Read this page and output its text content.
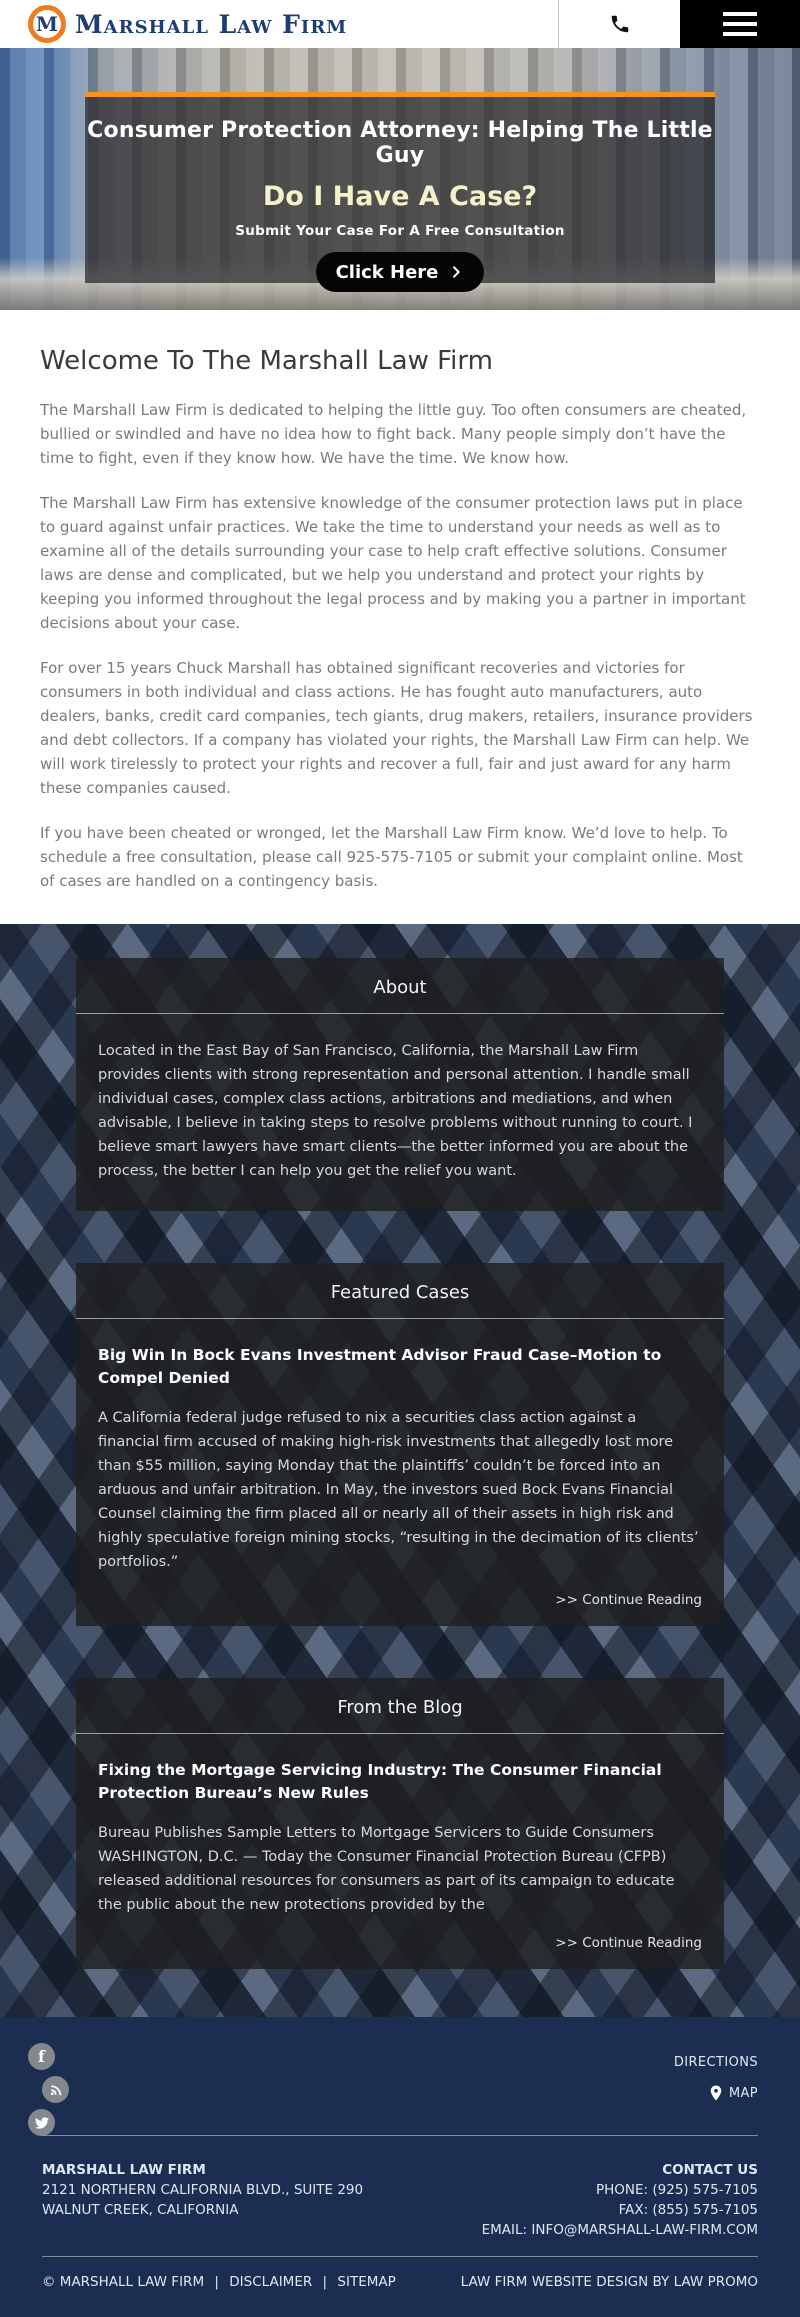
M Marshall Law Firm
Consumer Protection Attorney: Helping The Little Guy
Do I Have A Case?
Submit Your Case For A Free Consultation
Click Here
Welcome To The Marshall Law Firm

The Marshall Law Firm is dedicated to helping the little guy. Too often consumers are cheated, bullied or swindled and have no idea how to fight back. Many people simply don’t have the time to fight, even if they know how. We have the time. We know how.

The Marshall Law Firm has extensive knowledge of the consumer protection laws put in place to guard against unfair practices. We take the time to understand your needs as well as to examine all of the details surrounding your case to help craft effective solutions. Consumer laws are dense and complicated, but we help you understand and protect your rights by keeping you informed throughout the legal process and by making you a partner in important decisions about your case.

For over 15 years Chuck Marshall has obtained significant recoveries and victories for consumers in both individual and class actions. He has fought auto manufacturers, auto dealers, banks, credit card companies, tech giants, drug makers, retailers, insurance providers and debt collectors. If a company has violated your rights, the Marshall Law Firm can help. We will work tirelessly to protect your rights and recover a full, fair and just award for any harm these companies caused.

If you have been cheated or wronged, let the Marshall Law Firm know. We’d love to help. To schedule a free consultation, please call 925-575-7105 or submit your complaint online. Most of cases are handled on a contingency basis.

About
Located in the East Bay of San Francisco, California, the Marshall Law Firm provides clients with strong representation and personal attention. I handle small individual cases, complex class actions, arbitrations and mediations, and when advisable, I believe in taking steps to resolve problems without running to court. I believe smart lawyers have smart clients—the better informed you are about the process, the better I can help you get the relief you want.
Featured Cases
Big Win In Bock Evans Investment Advisor Fraud Case–Motion to Compel Denied
A California federal judge refused to nix a securities class action against a financial firm accused of making high-risk investments that allegedly lost more than $55 million, saying Monday that the plaintiffs’ couldn’t be forced into an arduous and unfair arbitration. In May, the investors sued Bock Evans Financial Counsel claiming the firm placed all or nearly all of their assets in high risk and highly speculative foreign mining stocks, “resulting in the decimation of its clients’ portfolios.”
>> Continue Reading
From the Blog
Fixing the Mortgage Servicing Industry: The Consumer Financial Protection Bureau’s New Rules
Bureau Publishes Sample Letters to Mortgage Servicers to Guide Consumers WASHINGTON, D.C. — Today the Consumer Financial Protection Bureau (CFPB) released additional resources for consumers as part of its campaign to educate the public about the new protections provided by the
>> Continue Reading
f	DIRECTIONS
MAP
MARSHALL LAW FIRM
2121 NORTHERN CALIFORNIA BLVD., SUITE 290
WALNUT CREEK, CALIFORNIA
CONTACT US
PHONE: (925) 575-7105
FAX: (855) 575-7105
EMAIL: INFO@MARSHALL-LAW-FIRM.COM
© MARSHALL LAW FIRM | DISCLAIMER | SITEMAP	LAW FIRM WEBSITE DESIGN BY LAW PROMO
